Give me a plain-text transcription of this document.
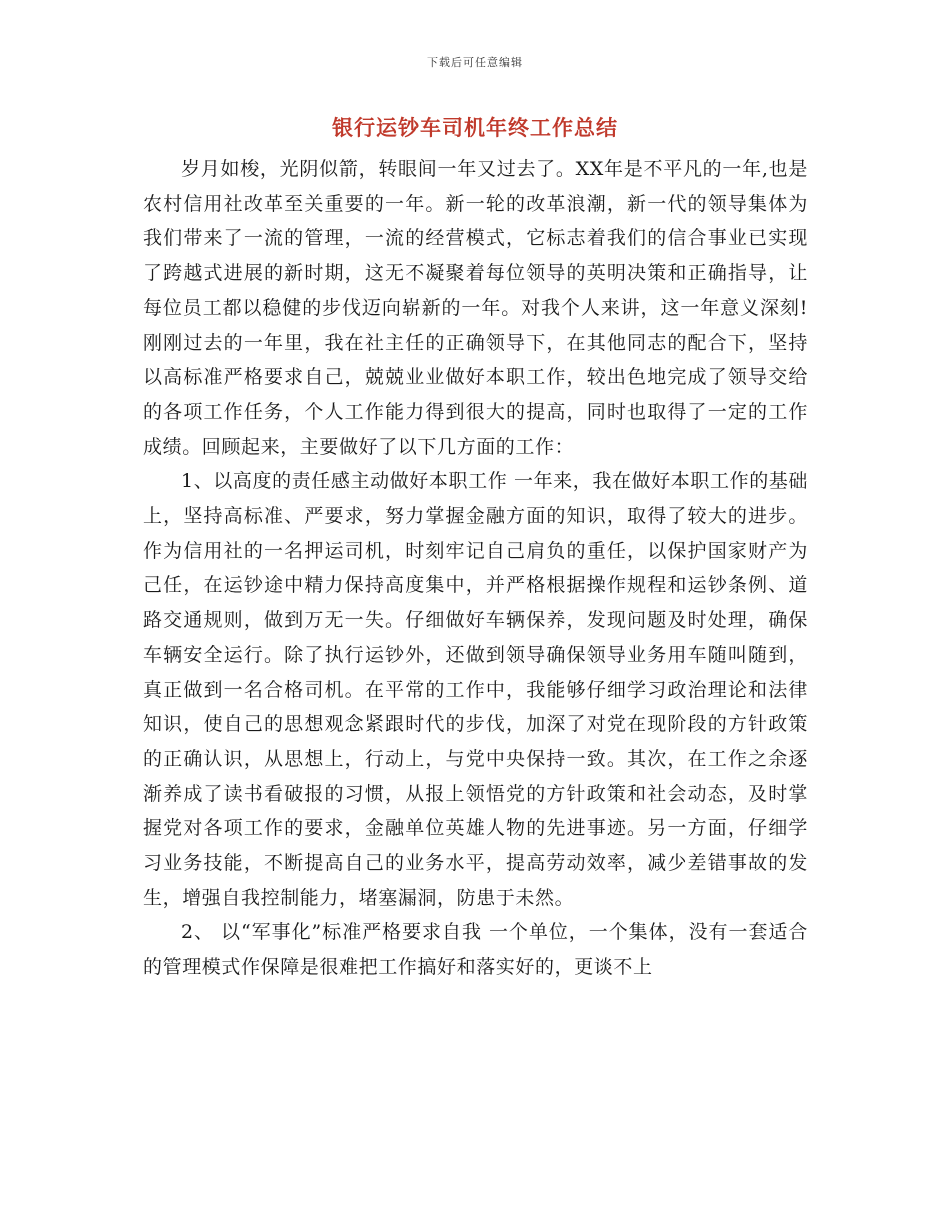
下载后可任意编辑
银行运钞车司机年终工作总结

岁月如梭，光阴似箭，转眼间一年又过去了。XX年是不平凡的一年,也是农村信用社改革至关重要的一年。新一轮的改革浪潮，新一代的领导集体为我们带来了一流的管理，一流的经营模式，它标志着我们的信合事业已实现了跨越式进展的新时期，这无不凝聚着每位领导的英明决策和正确指导，让每位员工都以稳健的步伐迈向崭新的一年。对我个人来讲，这一年意义深刻!刚刚过去的一年里，我在社主任的正确领导下，在其他同志的配合下，坚持以高标准严格要求自己，兢兢业业做好本职工作，较出色地完成了领导交给的各项工作任务，个人工作能力得到很大的提高，同时也取得了一定的工作成绩。回顾起来，主要做好了以下几方面的工作：

1、以高度的责任感主动做好本职工作 一年来，我在做好本职工作的基础上，坚持高标准、严要求，努力掌握金融方面的知识，取得了较大的进步。作为信用社的一名押运司机，时刻牢记自己肩负的重任，以保护国家财产为己任，在运钞途中精力保持高度集中，并严格根据操作规程和运钞条例、道路交通规则，做到万无一失。仔细做好车辆保养，发现问题及时处理，确保车辆安全运行。除了执行运钞外，还做到领导确保领导业务用车随叫随到，真正做到一名合格司机。在平常的工作中，我能够仔细学习政治理论和法律知识，使自己的思想观念紧跟时代的步伐，加深了对党在现阶段的方针政策的正确认识，从思想上，行动上，与党中央保持一致。其次，在工作之余逐渐养成了读书看破报的习惯，从报上领悟党的方针政策和社会动态，及时掌握党对各项工作的要求，金融单位英雄人物的先进事迹。另一方面，仔细学习业务技能，不断提高自己的业务水平，提高劳动效率，减少差错事故的发生，增强自我控制能力，堵塞漏洞，防患于未然。

2、 以“军事化”标准严格要求自我 一个单位，一个集体，没有一套适合的管理模式作保障是很难把工作搞好和落实好的，更谈不上
